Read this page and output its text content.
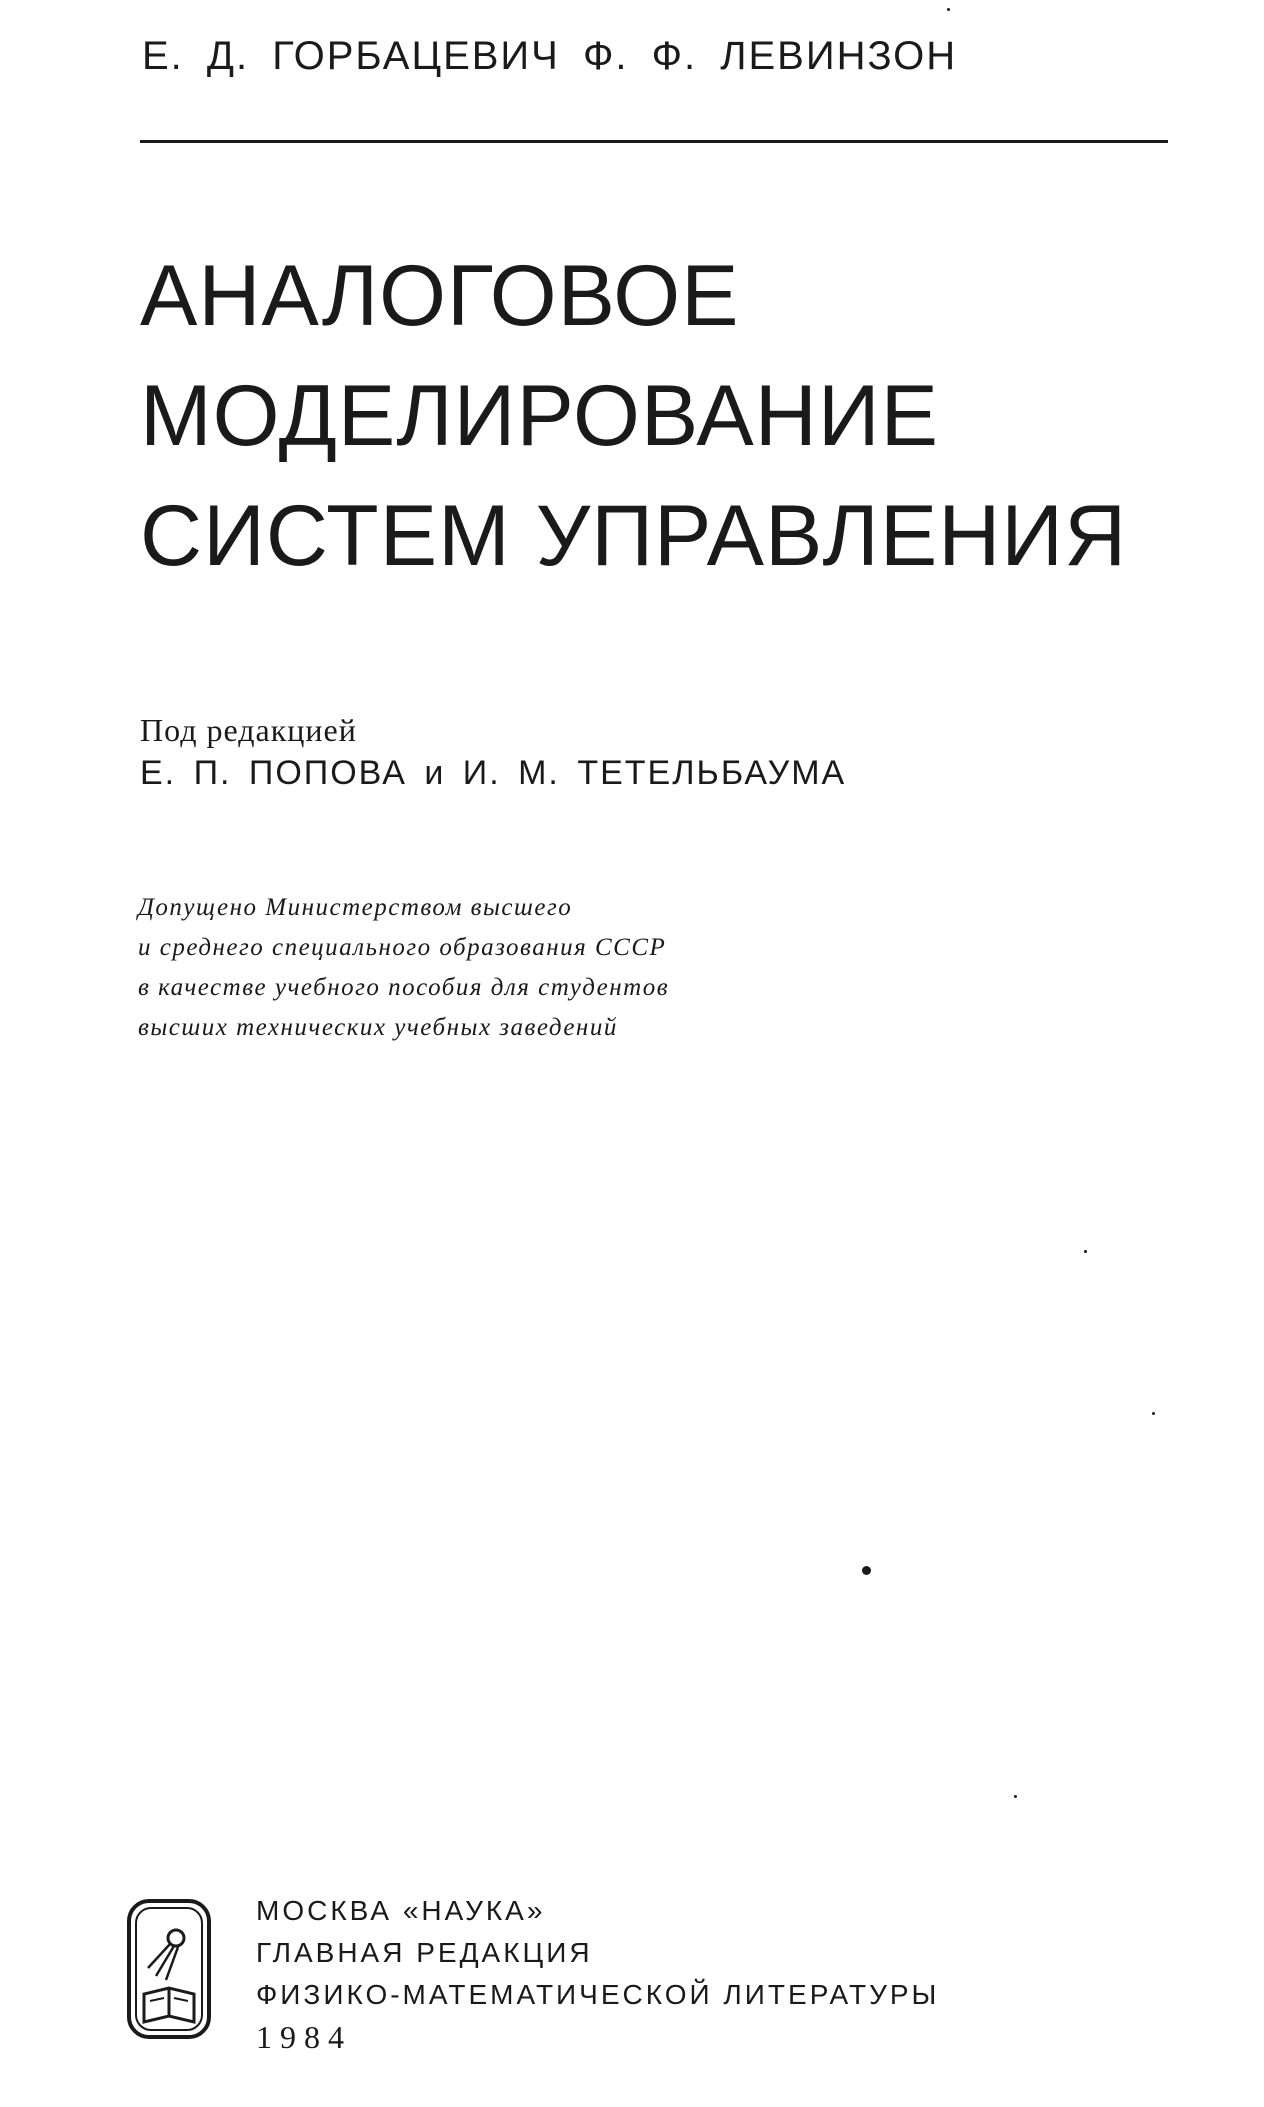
Е. Д. ГОРБАЦЕВИЧ Ф. Ф. ЛЕВИНЗОН
АНАЛОГОВОЕ
МОДЕЛИРОВАНИЕ
СИСТЕМ УПРАВЛЕНИЯ
Под редакцией
Е. П. ПОПОВА и И. М. ТЕТЕЛЬБАУМА
Допущено Министерством высшего
и среднего специального образования СССР
в качестве учебного пособия для студентов
высших технических учебных заведений
МОСКВА «НАУКА»
ГЛАВНАЯ РЕДАКЦИЯ
ФИЗИКО-МАТЕМАТИЧЕСКОЙ ЛИТЕРАТУРЫ
1984
